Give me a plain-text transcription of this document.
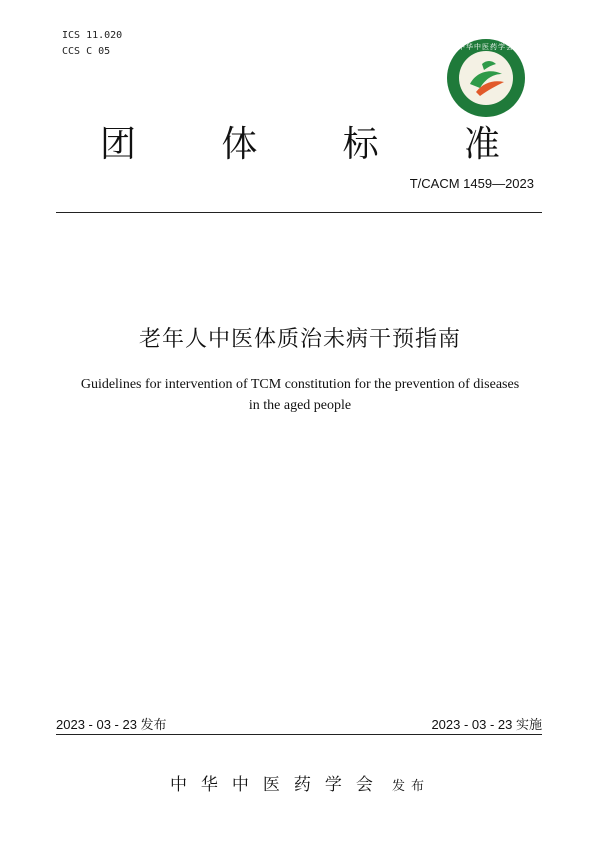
ICS 11.020
CCS C 05	中华中医药学会
团 体 标 准
T/CACM 1459—2023
老年人中医体质治未病干预指南
Guidelines for intervention of TCM constitution for the prevention of diseases
in the aged people
2023 - 03 - 23 发布	2023 - 03 - 23 实施
中华中医药学会 发布
